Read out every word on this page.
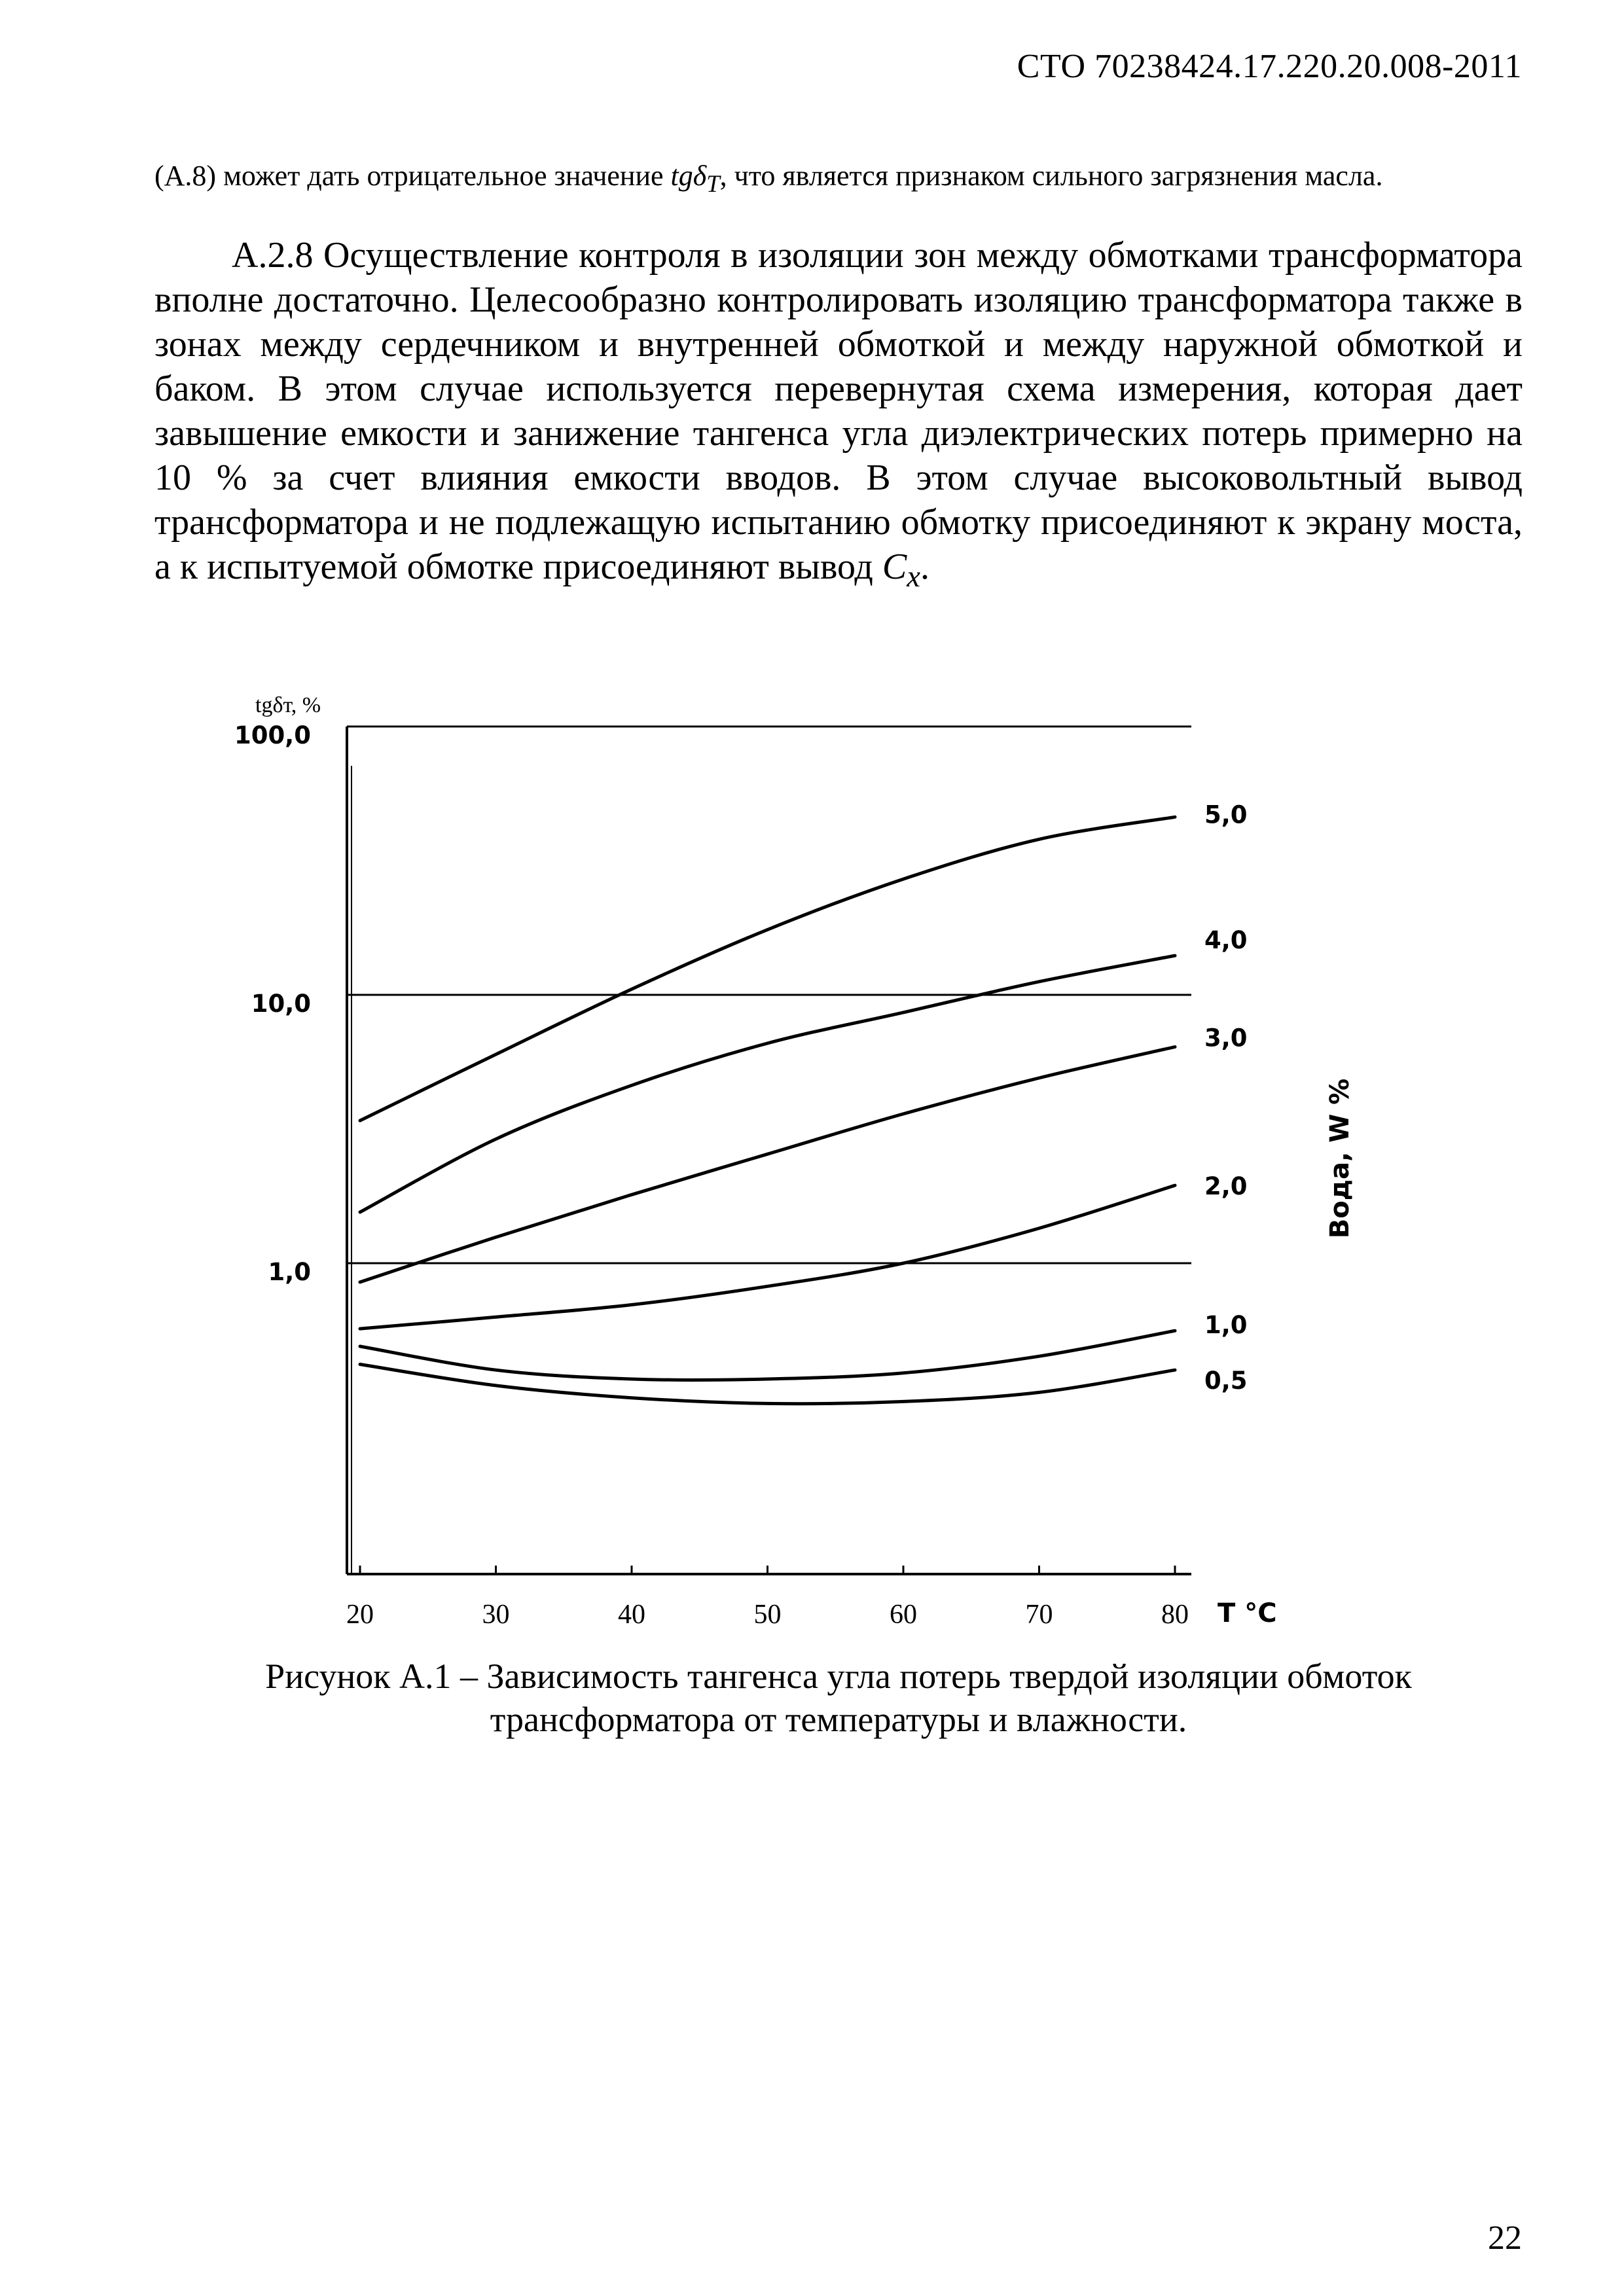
СТО 70238424.17.220.20.008-2011
(А.8) может дать отрицательное значение tgδ$_T$, что является признаком сильного загрязнения масла.
А.2.8 Осуществление контроля в изоляции зон между обмотками трансформатора вполне достаточно. Целесообразно контролировать изоляцию трансформатора также в зонах между сердечником и внутренней обмоткой и между наружной обмоткой и баком. В этом случае используется перевернутая схема измерения, которая дает завышение емкости и занижение тангенса угла диэлектрических потерь примерно на 10 % за счет влияния емкости вводов. В этом случае высоковольтный вывод трансформатора и не подлежащую испытанию обмотку присоединяют к экрану моста, а к испытуемой обмотке присоединяют вывод $C_x$.
20	30	40	50	60	70	80
100,0
10,0
1,0
5,0
4,0
3,0
2,0
1,0
0,5
tgδт, %
T °C
Вода, W %
Рисунок А.1 – Зависимость тангенса угла потерь твердой изоляции обмоток
трансформатора от температуры и влажности.
22
